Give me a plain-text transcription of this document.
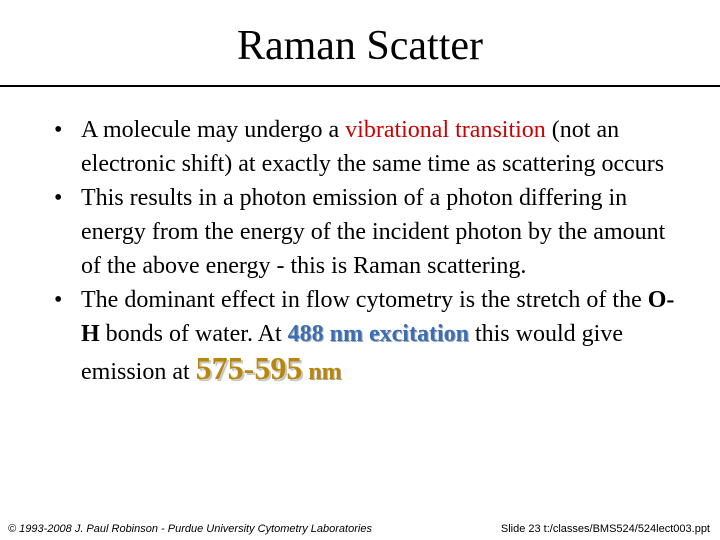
Raman Scatter
• A molecule may undergo a vibrational transition (not an electronic shift) at exactly the same time as scattering occurs
• This results in a photon emission of a photon differing in energy from the energy of the incident photon by the amount of the above energy - this is Raman scattering.
• The dominant effect in flow cytometry is the stretch of the O-H bonds of water. At 488 nm excitation this would give emission at 575-595 nm
© 1993-2008 J. Paul Robinson - Purdue University Cytometry Laboratories	Slide 23 t:/classes/BMS524/524lect003.ppt
